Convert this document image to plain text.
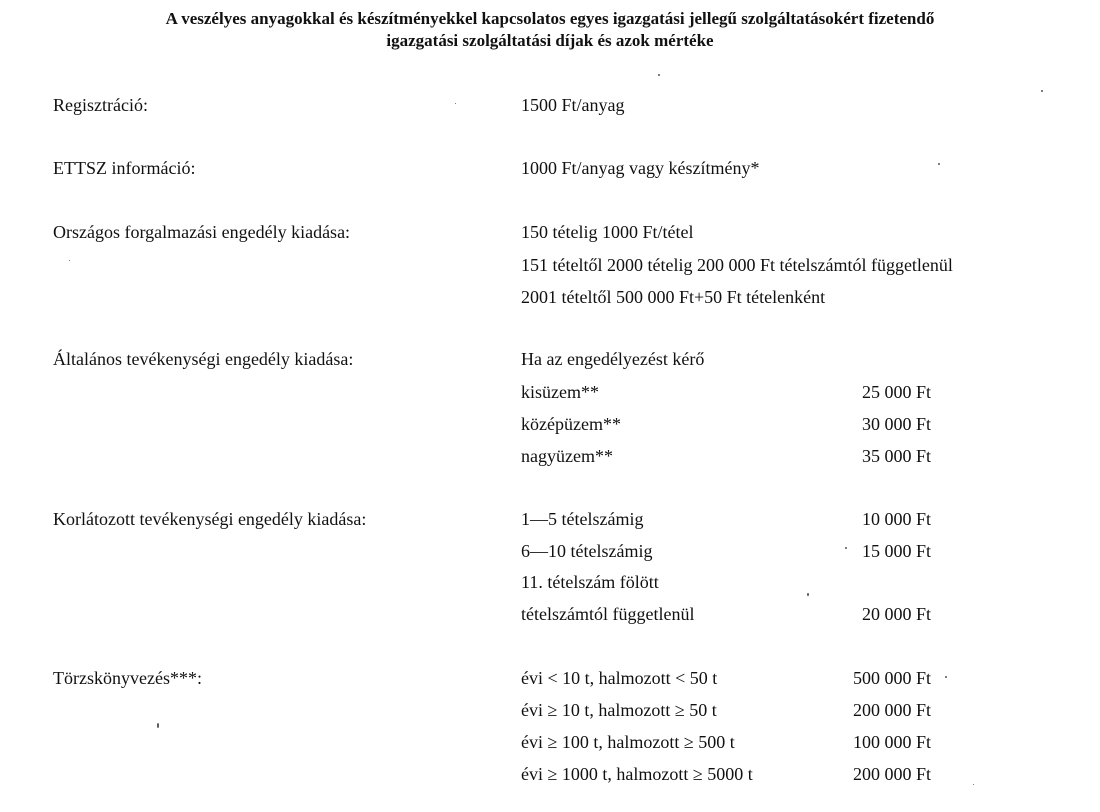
A veszélyes anyagokkal és készítményekkel kapcsolatos egyes igazgatási jellegű szolgáltatásokért fizetendő
igazgatási szolgáltatási díjak és azok mértéke
Regisztráció:	1500 Ft/anyag
ETTSZ információ:	1000 Ft/anyag vagy készítmény*
Országos forgalmazási engedély kiadása:	150 tételig 1000 Ft/tétel
151 tételtől 2000 tételig 200 000 Ft tételszámtól függetlenül
2001 tételtől 500 000 Ft+50 Ft tételenként
Általános tevékenységi engedély kiadása:	Ha az engedélyezést kérő
kisüzem**	25 000 Ft
középüzem**	30 000 Ft
nagyüzem**	35 000 Ft
Korlátozott tevékenységi engedély kiadása:	1—5 tételszámig	10 000 Ft
6—10 tételszámig	15 000 Ft
11. tételszám fölött
tételszámtól függetlenül	20 000 Ft
Törzskönyvezés***:	évi < 10 t, halmozott < 50 t	500 000 Ft
évi ≥ 10 t, halmozott ≥ 50 t	200 000 Ft
évi ≥ 100 t, halmozott ≥ 500 t	100 000 Ft
évi ≥ 1000 t, halmozott ≥ 5000 t	200 000 Ft
